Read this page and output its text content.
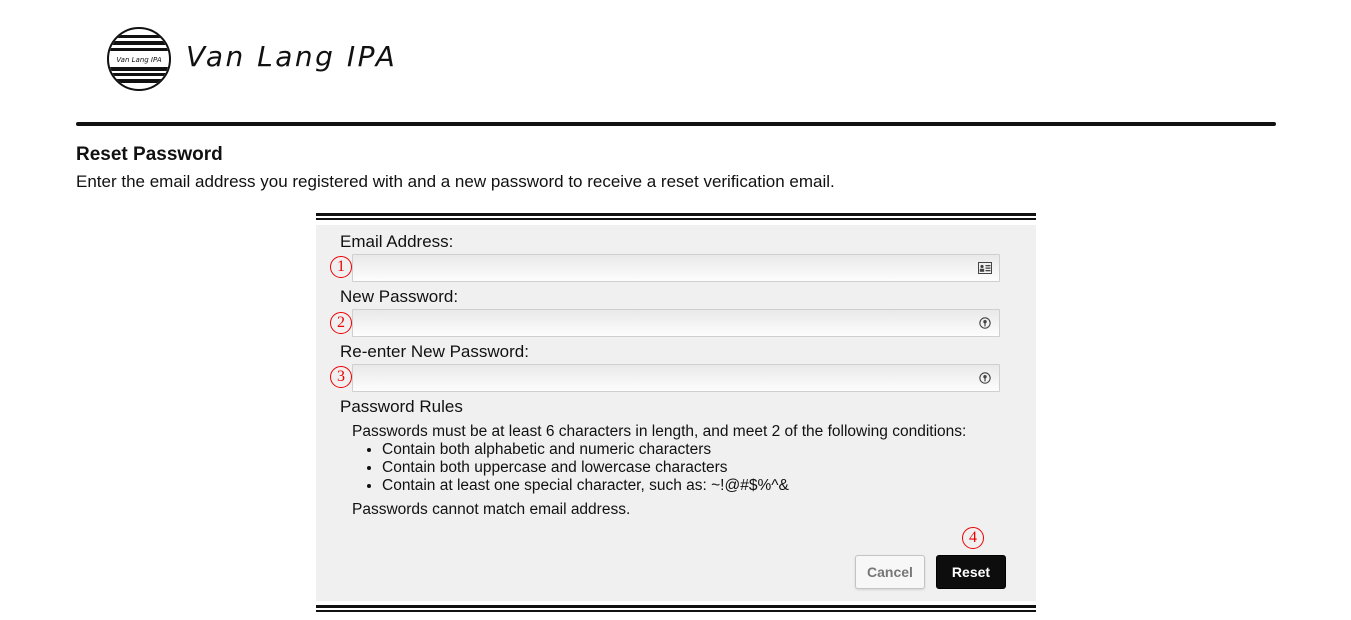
Van Lang IPA Van Lang IPA
Reset Password
Enter the email address you registered with and a new password to receive a reset verification email.
Email Address:
1
New Password:
2
Re-enter New Password:
3
Password Rules
Passwords must be at least 6 characters in length, and meet 2 of the following conditions:
• Contain both alphabetic and numeric characters
• Contain both uppercase and lowercase characters
• Contain at least one special character, such as: ~!@#$%^&
Passwords cannot match email address.
4
Cancel	Reset
